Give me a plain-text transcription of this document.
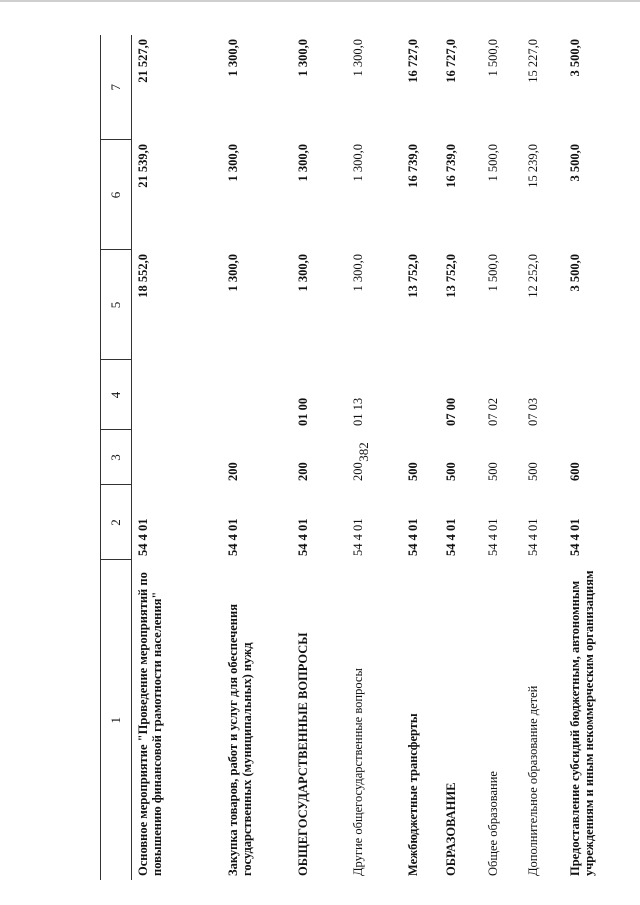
382
1	2	3	4	5	6	7
Основное мероприятие "Проведение мероприятий по повышению финансовой грамотности населения"	54 4 01			18 552,0	21 539,0	21 527,0
Закупка товаров, работ и услуг для обеспечения государственных (муниципальных) нужд	54 4 01	200		1 300,0	1 300,0	1 300,0
ОБЩЕГОСУДАРСТВЕННЫЕ ВОПРОСЫ	54 4 01	200	01 00	1 300,0	1 300,0	1 300,0
Другие общегосударственные вопросы	54 4 01	200	01 13	1 300,0	1 300,0	1 300,0
Межбюджетные трансферты	54 4 01	500		13 752,0	16 739,0	16 727,0
ОБРАЗОВАНИЕ	54 4 01	500	07 00	13 752,0	16 739,0	16 727,0
Общее образование	54 4 01	500	07 02	1 500,0	1 500,0	1 500,0
Дополнительное образование детей	54 4 01	500	07 03	12 252,0	15 239,0	15 227,0
Предоставление субсидий бюджетным, автономным учреждениям и иным некоммерческим организациям	54 4 01	600		3 500,0	3 500,0	3 500,0
